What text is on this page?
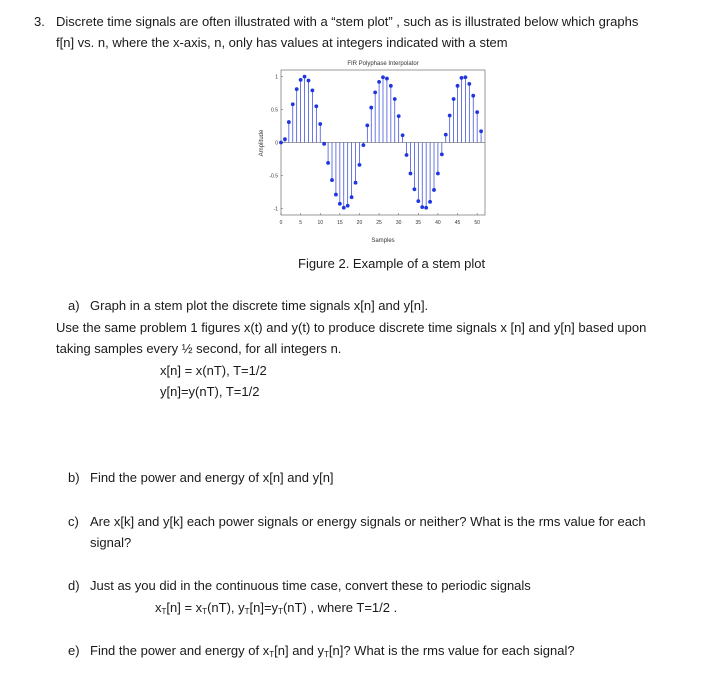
3. Discrete time signals are often illustrated with a “stem plot” , such as is illustrated below which graphs
f[n] vs. n, where the x-axis, n, only has values at integers indicated with a stem
FIR Polyphase Interpolator
0	5	10	15	20	25	30	35	40	45	50
-1
-0.5
0
0.5
1
Samples
Amplitude
Figure 2. Example of a stem plot
a) Graph in a stem plot the discrete time signals x[n] and y[n].
Use the same problem 1 figures x(t) and y(t) to produce discrete time signals x [n] and y[n] based upon
taking samples every ½ second, for all integers n.
x[n] = x(nT), T=1/2
y[n]=y(nT), T=1/2
b) Find the power and energy of x[n] and y[n]
c) Are x[k] and y[k] each power signals or energy signals or neither? What is the rms value for each
signal?
d) Just as you did in the continuous time case, convert these to periodic signals
$x_T[n] = x_T(nT)$, $y_T[n]=y_T(nT)$ , where T=1/2 .
e) Find the power and energy of $x_T[n]$ and $y_T[n]$? What is the rms value for each signal?
